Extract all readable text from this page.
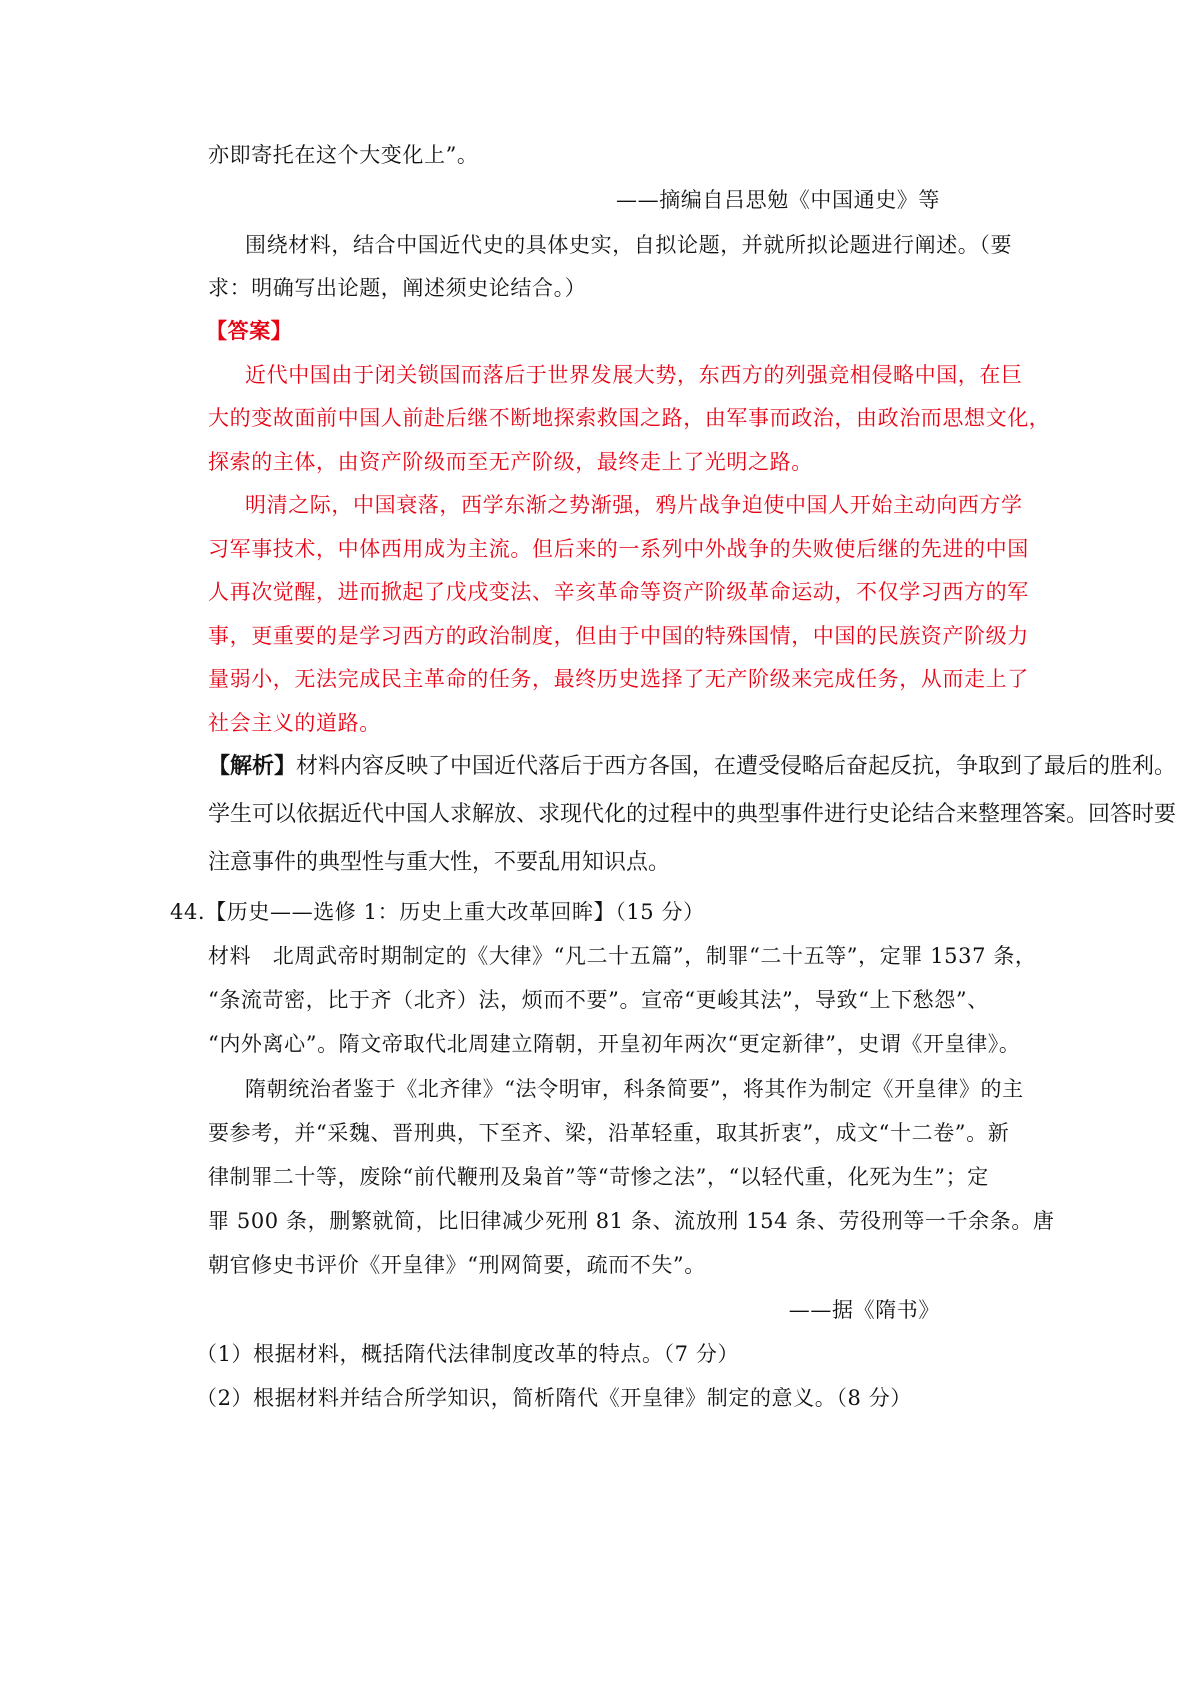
亦即寄托在这个大变化上”。
——摘编自吕思勉《中国通史》等
围绕材料，结合中国近代史的具体史实，自拟论题，并就所拟论题进行阐述。（要
求：明确写出论题，阐述须史论结合。）
【答案】
近代中国由于闭关锁国而落后于世界发展大势，东西方的列强竞相侵略中国，在巨
大的变故面前中国人前赴后继不断地探索救国之路，由军事而政治，由政治而思想文化，
探索的主体，由资产阶级而至无产阶级，最终走上了光明之路。
明清之际，中国衰落，西学东渐之势渐强，鸦片战争迫使中国人开始主动向西方学
习军事技术，中体西用成为主流。但后来的一系列中外战争的失败使后继的先进的中国
人再次觉醒，进而掀起了戊戌变法、辛亥革命等资产阶级革命运动，不仅学习西方的军
事，更重要的是学习西方的政治制度，但由于中国的特殊国情，中国的民族资产阶级力
量弱小，无法完成民主革命的任务，最终历史选择了无产阶级来完成任务，从而走上了
社会主义的道路。
【解析】材料内容反映了中国近代落后于西方各国，在遭受侵略后奋起反抗，争取到了最后的胜利。
学生可以依据近代中国人求解放、求现代化的过程中的典型事件进行史论结合来整理答案。回答时要
注意事件的典型性与重大性，不要乱用知识点。
44.【历史——选修 1：历史上重大改革回眸】（15 分）
材料　北周武帝时期制定的《大律》“凡二十五篇”，制罪“二十五等”，定罪 1537 条，
“条流苛密，比于齐（北齐）法，烦而不要”。宣帝“更峻其法”，导致“上下愁怨”、
“内外离心”。隋文帝取代北周建立隋朝，开皇初年两次“更定新律”，史谓《开皇律》。
隋朝统治者鉴于《北齐律》“法令明审，科条简要”，将其作为制定《开皇律》的主
要参考，并“采魏、晋刑典，下至齐、梁，沿革轻重，取其折衷”，成文“十二卷”。新
律制罪二十等，废除“前代鞭刑及枭首”等“苛惨之法”，“以轻代重，化死为生”；定
罪 500 条，删繁就简，比旧律减少死刑 81 条、流放刑 154 条、劳役刑等一千余条。唐
朝官修史书评价《开皇律》“刑网简要，疏而不失”。
——据《隋书》
（1）根据材料，概括隋代法律制度改革的特点。（7 分）
（2）根据材料并结合所学知识，简析隋代《开皇律》制定的意义。（8 分）
